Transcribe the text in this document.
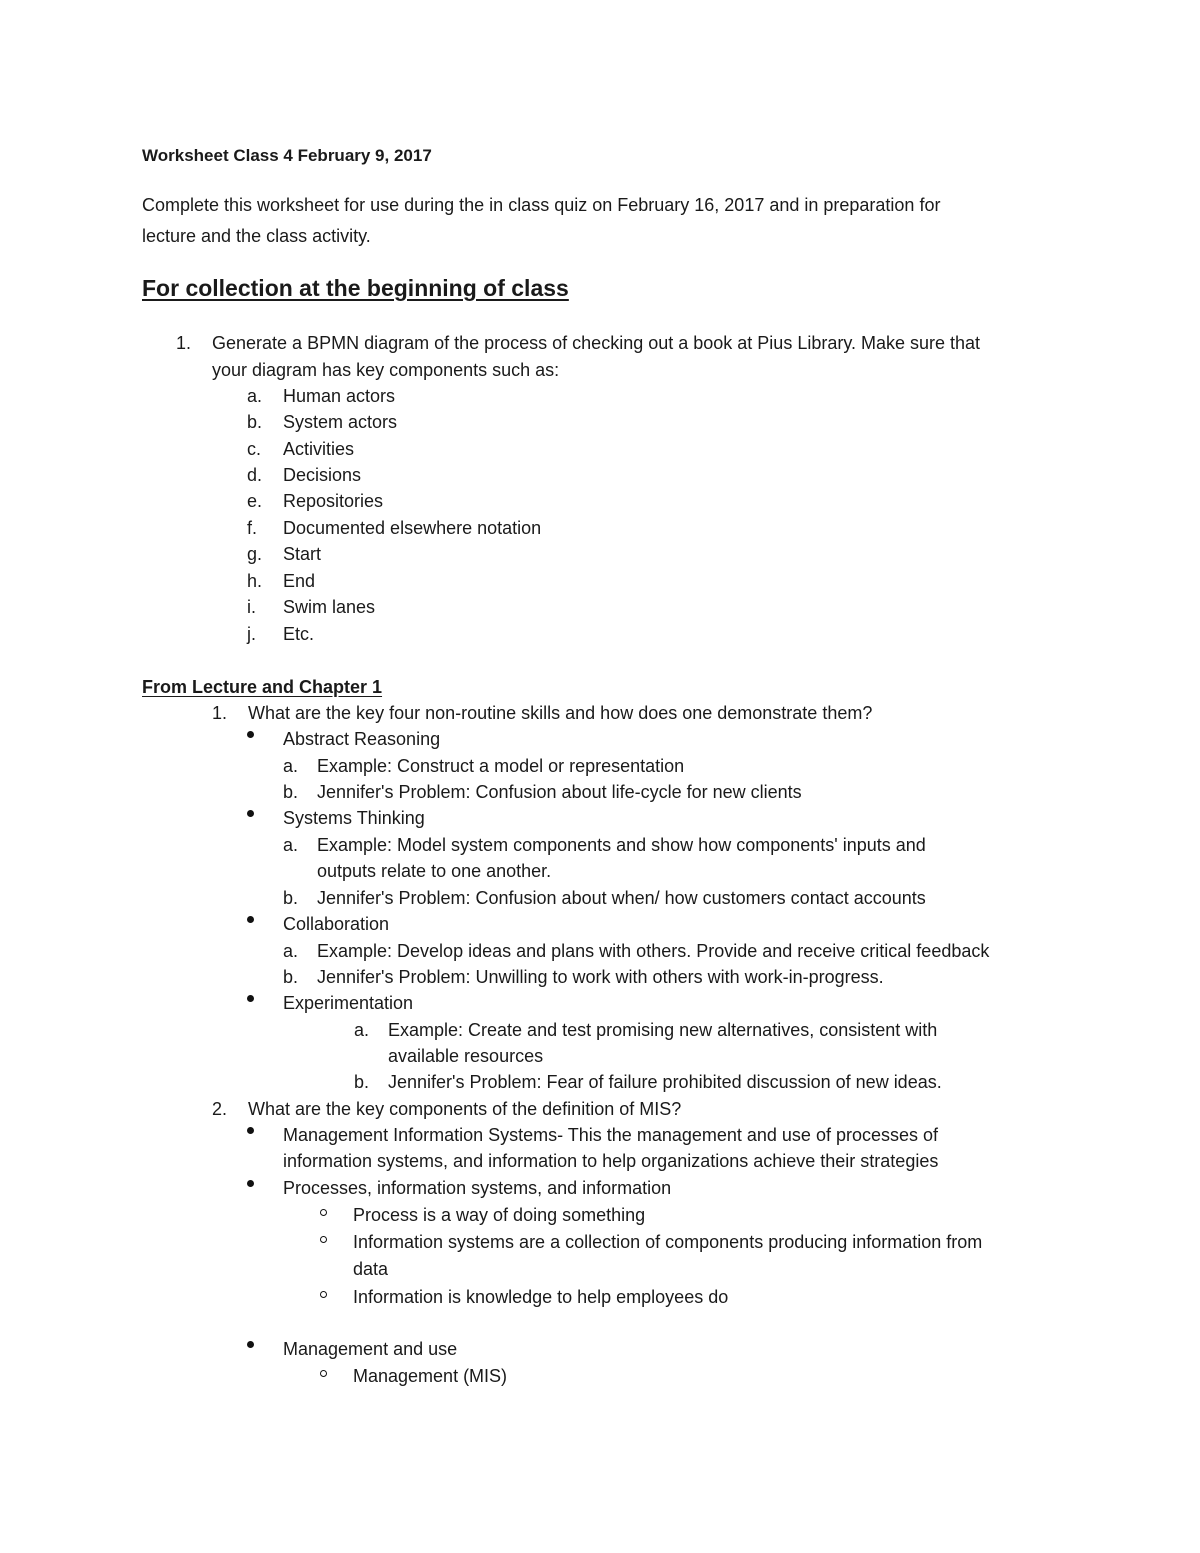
Worksheet Class 4 February 9, 2017
Complete this worksheet for use during the in class quiz on February 16, 2017 and in preparation for
lecture and the class activity.
For collection at the beginning of class
1. Generate a BPMN diagram of the process of checking out a book at Pius Library. Make sure that
your diagram has key components such as:
a. Human actors
b. System actors
c. Activities
d. Decisions
e. Repositories
f. Documented elsewhere notation
g. Start
h. End
i. Swim lanes
j. Etc.
From Lecture and Chapter 1
1. What are the key four non-routine skills and how does one demonstrate them?
Abstract Reasoning
a. Example: Construct a model or representation
b. Jennifer's Problem: Confusion about life-cycle for new clients
Systems Thinking
a. Example: Model system components and show how components' inputs and
outputs relate to one another.
b. Jennifer's Problem: Confusion about when/ how customers contact accounts
Collaboration
a. Example: Develop ideas and plans with others. Provide and receive critical feedback
b. Jennifer's Problem: Unwilling to work with others with work-in-progress.
Experimentation
a. Example: Create and test promising new alternatives, consistent with
available resources
b. Jennifer's Problem: Fear of failure prohibited discussion of new ideas.
2. What are the key components of the definition of MIS?
Management Information Systems- This the management and use of processes of
information systems, and information to help organizations achieve their strategies
Processes, information systems, and information
Process is a way of doing something
Information systems are a collection of components producing information from
data
Information is knowledge to help employees do
Management and use
Management (MIS)
